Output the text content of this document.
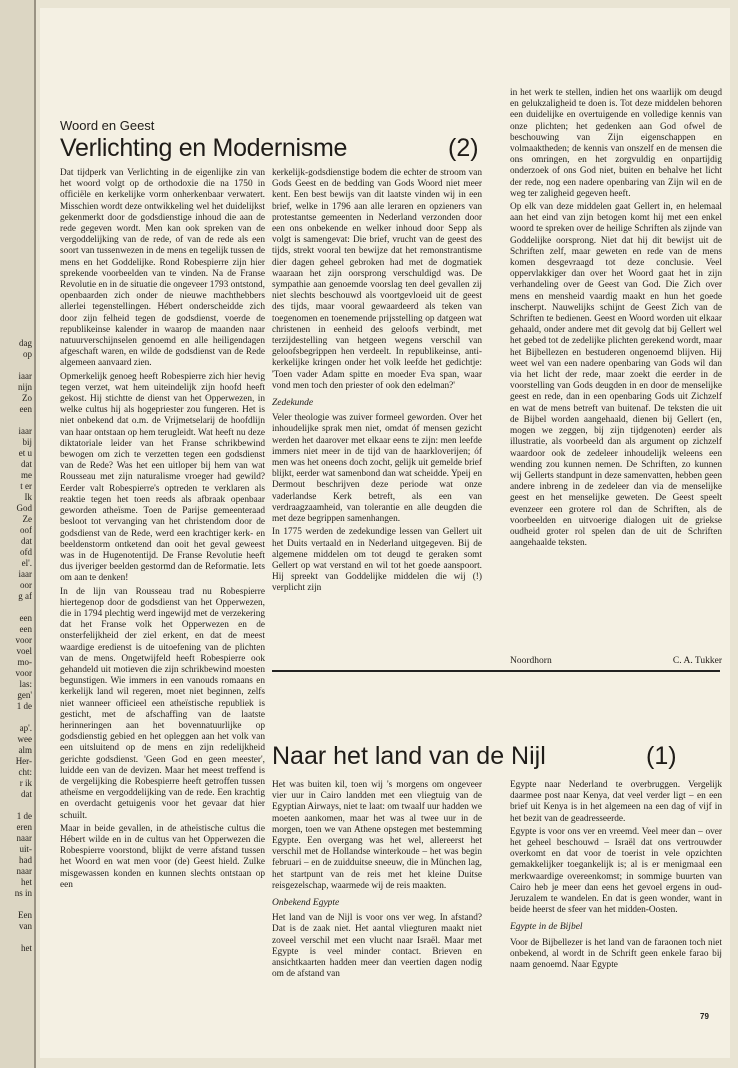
dag
op

iaar
nijn
Zo
een

iaar
bij
et u
dat
me
t er
Ik
God
Ze
oof
dat
ofd
el'.
iaar
oor
g af

een
een
voor
voel
mo-
voor
las:
gen'
1 de

ap'.
wee
alm
Her-
cht:
r ik
dat

1 de
eren
naar
uit-
had
naar
het
ns in

Een
van

het
Woord en Geest
Verlichting en Modernisme	(2)

Dat tijdperk van Verlichting in de eigenlijke zin van het woord volgt op de orthodoxie die na 1750 in officiële en kerkelijke vorm onherkenbaar verwatert. Misschien wordt deze ontwikkeling wel het duidelijkst gekenmerkt door de godsdienstige inhoud die aan de rede gegeven wordt. Men kan ook spreken van de vergoddelijking van de rede, of van de rede als een soort van tussenwezen in de mens en tegelijk tussen de mens en het Goddelijke. Rond Robespierre zijn hier sprekende voorbeelden van te vinden. Na de Franse Revolutie en in de situatie die ongeveer 1793 ontstond, openbaarden zich onder de nieuwe machthebbers allerlei tegenstellingen. Hébert onderscheidde zich door zijn felheid tegen de godsdienst, voerde de republikeinse kalender in waarop de maanden naar natuurverschijnselen genoemd en alle heiligendagen afgeschaft waren, en wilde de godsdienst van de Rede algemeen aanvaard zien.

Opmerkelijk genoeg heeft Robespierre zich hier hevig tegen verzet, wat hem uiteindelijk zijn hoofd heeft gekost. Hij stichtte de dienst van het Opperwezen, in welke cultus hij als hogepriester zou fungeren. Het is niet onbekend dat o.m. de Vrijmetselarij de hoofdlijn van haar ontstaan op hem terugleidt. Wat heeft nu deze diktatoriale leider van het Franse schrikbewind bewogen om zich te verzetten tegen een godsdienst van de Rede? Was het een uitloper bij hem van wat Rousseau met zijn naturalisme vroeger had gewild? Eerder valt Robespierre's optreden te verklaren als reaktie tegen het toen reeds als afbraak openbaar geworden atheïsme. Toen de Parijse gemeenteraad besloot tot vervanging van het christendom door de godsdienst van de Rede, werd een krachtiger kerk- en beeldenstorm ontketend dan ooit het geval geweest was in de Hugenotentijd. De Franse Revolutie heeft dus ijveriger beelden gestormd dan de Reformatie. Iets om aan te denken!

In de lijn van Rousseau trad nu Robespierre hiertegenop door de godsdienst van het Opperwezen, die in 1794 plechtig werd ingewijd met de verzekering dat het Franse volk het Opperwezen en de onsterfelijkheid der ziel erkent, en dat de meest waardige eredienst is de uitoefening van de plichten van de mens. Ongetwijfeld heeft Robespierre ook gehandeld uit motieven die zijn schrikbewind moesten begunstigen. Wie immers in een vanouds romaans en kerkelijk land wil regeren, moet niet beginnen, zelfs niet wanneer officieel een atheïstische republiek is gesticht, met de afschaffing van de laatste herinneringen aan het bovennatuurlijke op godsdienstig gebied en het opleggen aan het volk van een uitsluitend op de mens en zijn redelijkheid gerichte godsdienst. 'Geen God en geen meester', luidde een van de devizen. Maar het meest treffend is de vergelijking die Robespierre heeft getroffen tussen atheïsme en vergoddelijking van de rede. Een krachtig en overdacht getuigenis voor het gevaar dat hier schuilt.

Maar in beide gevallen, in de atheïstische cultus die Hébert wilde en in de cultus van het Opperwezen die Robespierre voorstond, blijkt de verre afstand tussen het Woord en wat men voor (de) Geest hield. Zulke misgewassen konden en kunnen slechts ontstaan op een

kerkelijk-godsdienstige bodem die echter de stroom van Gods Geest en de bedding van Gods Woord niet meer kent. Een best bewijs van dit laatste vinden wij in een brief, welke in 1796 aan alle leraren en opzieners van protestantse gemeenten in Nederland verzonden door een ons onbekende en welker inhoud door Sepp als volgt is samengevat: Die brief, vrucht van de geest des tijds, strekt vooral ten bewijze dat het remonstrantisme dier dagen geheel gebroken had met de dogmatiek waaraan het zijn oorsprong verschuldigd was. De sympathie aan genoemde voorslag ten deel gevallen zij niet slechts beschouwd als voortgevloeid uit de geest des tijds, maar vooral gewaardeerd als teken van toegenomen en toenemende prijsstelling op datgeen wat christenen in eenheid des geloofs verbindt, met terzijdestelling van hetgeen wegens verschil van geloofsbegrippen hen verdeelt. In republikeinse, anti-kerkelijke kringen onder het volk leefde het gedichtje: 'Toen vader Adam spitte en moeder Eva span, waar vond men toch den priester of ook den edelman?'

Zedekunde

Veler theologie was zuiver formeel geworden. Over het inhoudelijke sprak men niet, omdat óf mensen gezicht werden het daarover met elkaar eens te zijn: men leefde immers niet meer in de tijd van de haarkloverijen; óf men was het oneens doch zocht, gelijk uit gemelde brief blijkt, eerder wat samenbond dan wat scheidde. Ypeij en Dermout beschrijven deze periode wat onze vaderlandse Kerk betreft, als een van verdraagzaamheid, van tolerantie en alle deugden die met deze begrippen samenhangen.

In 1775 werden de zedekundige lessen van Gellert uit het Duits vertaald en in Nederland uitgegeven. Bij de algemene middelen om tot deugd te geraken somt Gellert op wat verstand en wil tot het goede aanspoort. Hij spreekt van Goddelijke middelen die wij (!) verplicht zijn

in het werk te stellen, indien het ons waarlijk om deugd en gelukzaligheid te doen is. Tot deze middelen behoren een duidelijke en overtuigende en volledige kennis van onze plichten; het gedenken aan God ofwel de beschouwing van Zijn eigenschappen en volmaaktheden; de kennis van onszelf en de mensen die ons omringen, en het zorgvuldig en onpartijdig onderzoek of ons God niet, buiten en behalve het licht der rede, nog een nadere openbaring van Zijn wil en de weg ter zaligheid gegeven heeft.

Op elk van deze middelen gaat Gellert in, en helemaal aan het eind van zijn betogen komt hij met een enkel woord te spreken over de heilige Schriften als zijnde van Goddelijke oorsprong. Niet dat hij dit bewijst uit de Schriften zelf, maar geweten en rede van de mens komen desgevraagd tot deze conclusie. Veel oppervlakkiger dan over het Woord gaat het in zijn verhandeling over de Geest van God. Die Zich over mens en mensheid vaardig maakt en hun het goede inscherpt. Nauwelijks schijnt de Geest Zich van de Schriften te bedienen. Geest en Woord worden uit elkaar gehaald, onder andere met dit gevolg dat bij Gellert wel het gebed tot de zedelijke plichten gerekend wordt, maar het Bijbellezen en bestuderen ongenoemd blijven. Hij weet wel van een nadere openbaring van Gods wil dan via het licht der rede, maar zoekt die eerder in de voorstelling van Gods deugden in en door de menselijke geest en rede, dan in een openbaring Gods uit Zichzelf en wat de mens betreft van buitenaf. De teksten die uit de Bijbel worden aangehaald, dienen bij Gellert (en, mogen we zeggen, bij zijn tijdgenoten) eerder als illustratie, als voorbeeld dan als argument op zichzelf waardoor ook de zedeleer inhoudelijk weleens een wending zou kunnen nemen. De Schriften, zo kunnen wij Gellerts standpunt in deze samenvatten, hebben geen andere inbreng in de zedeleer dan via de menselijke geest en het menselijke geweten. De Geest speelt evenzeer een grotere rol dan de Schriften, als de voorbeelden en uitvoerige dialogen uit de griekse oudheid groter rol spelen dan de uit de Schriften aangehaalde teksten.

Noordhorn	C. A. Tukker
Naar het land van de Nijl	(1)

Het was buiten kil, toen wij 's morgens om ongeveer vier uur in Cairo landden met een vliegtuig van de Egyptian Airways, niet te laat: om twaalf uur hadden we moeten aankomen, maar het was al twee uur in de morgen, toen we van Athene opstegen met bestemming Egypte. Een overgang was het wel, allereerst het verschil met de Hollandse winterkoude – het was begin februari – en de zuidduitse sneeuw, die in München lag, het startpunt van de reis met het kleine Duitse reisgezelschap, waarmede wij de reis maakten.

Onbekend Egypte

Het land van de Nijl is voor ons ver weg. In afstand? Dat is de zaak niet. Het aantal vliegturen maakt niet zoveel verschil met een vlucht naar Israël. Maar met Egypte is veel minder contact. Brieven en ansichtkaarten hadden meer dan veertien dagen nodig om de afstand van

Egypte naar Nederland te overbruggen. Vergelijk daarmee post naar Kenya, dat veel verder ligt – en een brief uit Kenya is in het algemeen na een dag of vijf in het bezit van de geadresseerde.

Egypte is voor ons ver en vreemd. Veel meer dan – over het geheel beschouwd – Israël dat ons vertrouwder overkomt en dat voor de toerist in vele opzichten gemakkelijker toegankelijk is; al is er menigmaal een merkwaardige overeenkomst; in sommige buurten van Cairo heb je meer dan eens het gevoel ergens in oud-Jeruzalem te wandelen. En dat is geen wonder, want in beide heerst de sfeer van het midden-Oosten.

Egypte in de Bijbel

Voor de Bijbellezer is het land van de faraonen toch niet onbekend, al wordt in de Schrift geen enkele farao bij naam genoemd. Naar Egypte

79
